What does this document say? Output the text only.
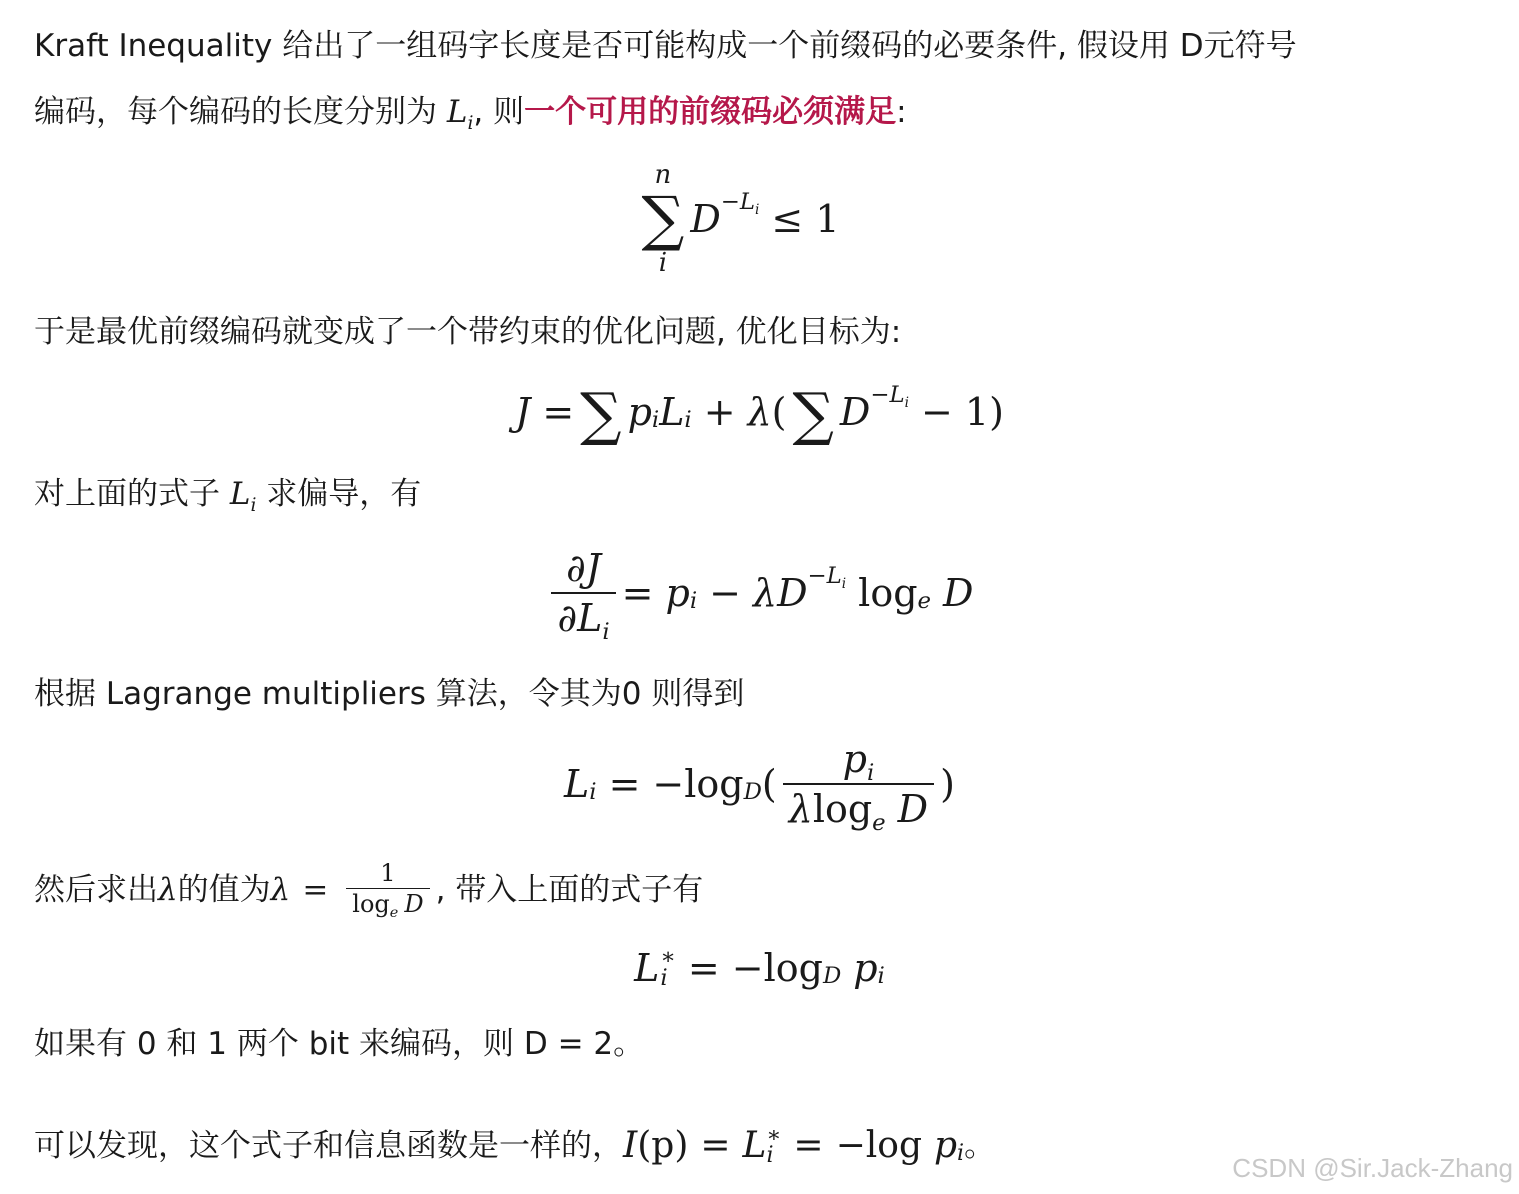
Kraft Inequality 给出了一组码字长度是否可能构成一个前缀码的必要条件, 假设用 D元符号
编码，每个编码的长度分别为 $L_i$, 则一个可用的前缀码必须满足:
n
∑
i
$D -L_i \le 1$
于是最优前缀编码就变成了一个带约束的优化问题, 优化目标为:
J = ∑ p i L i + λ ( ∑ $D -L_i - 1$)
对上面的式子 $L_i$ 求偏导，有
$\frac{\partial J}{\partial L_i} = p$ i − λ $D -L_i$ log e D
根据 Lagrange multipliers 算法，令其为0 则得到
L i = − log D ( $\frac{p_i}{\lambda\log_e D}$ )
然后求出 λ 的值为 $\lambda = \frac{1}{\log_e D}$ , 带入上面的式子有
L ∗
i = − log D p i
如果有 0 和 1 两个 bit 来编码，则 D = 2。
可以发现，这个式子和信息函数是一样的， I (p) = L ∗
i = − log p i 。
CSDN @Sir.Jack-Zhang
